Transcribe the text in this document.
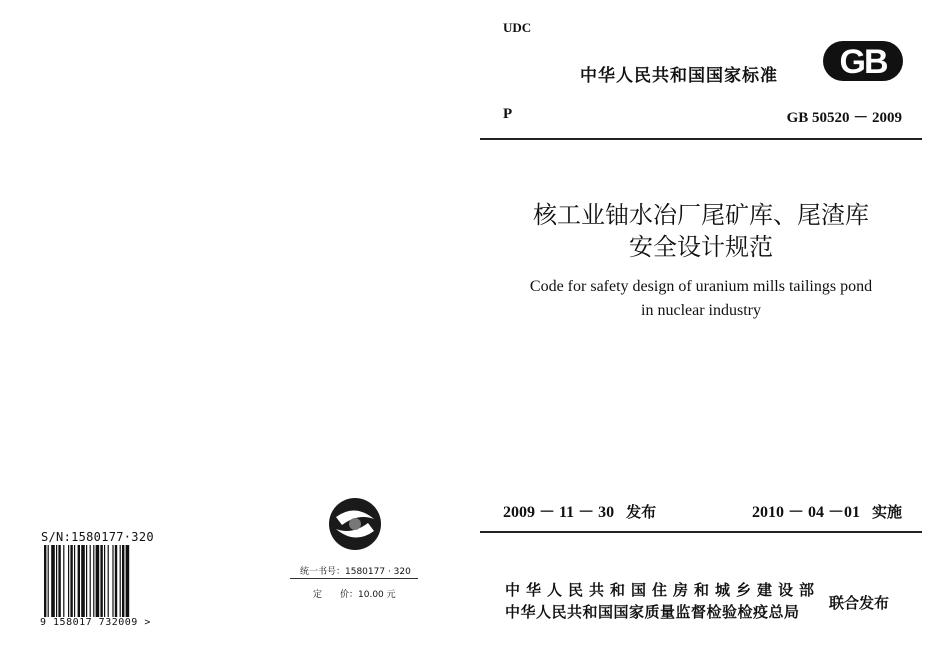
UDC
中华人民共和国国家标准 GB
P	GB 50520 － 2009
核工业铀水冶厂尾矿库、尾渣库
安全设计规范
Code for safety design of uranium mills tailings pond
in nuclear industry
2009 － 11 － 30 发布	2010 － 04 －01 实施
中华人民共和国住房和城乡建设部
中华人民共和国国家质量监督检验检疫总局 联合发布
统一书号：1580177 · 320
定　　价：10.00 元
S/N:1580177·320
9 158017 732009 >
